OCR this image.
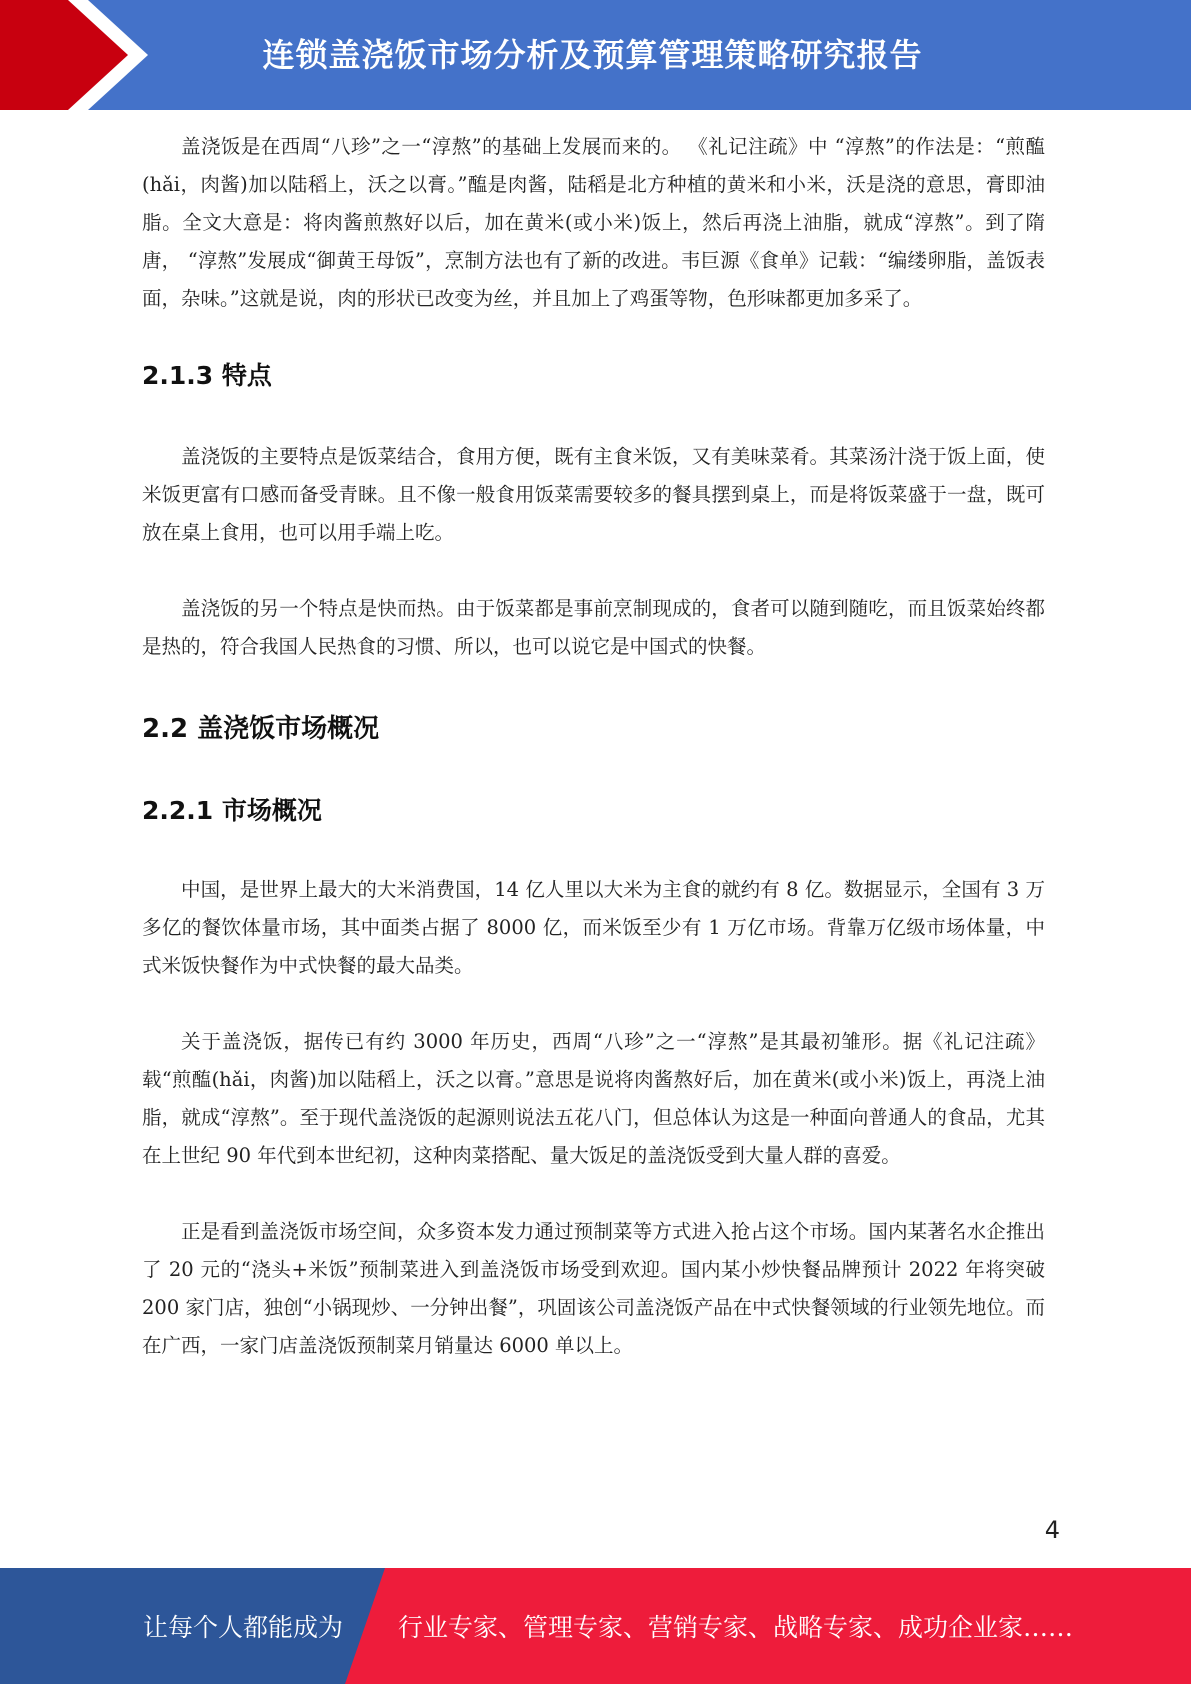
连锁盖浇饭市场分析及预算管理策略研究报告

盖浇饭是在西周“八珍”之一“淳熬”的基础上发展而来的。 《礼记注疏》中 “淳熬”的作法是：“煎醢(hǎi，肉酱)加以陆稻上，沃之以膏。”醢是肉酱，陆稻是北方种植的黄米和小米，沃是浇的意思，膏即油脂。全文大意是：将肉酱煎熬好以后，加在黄米(或小米)饭上，然后再浇上油脂，就成“淳熬”。到了隋唐， “淳熬”发展成“御黄王母饭”，烹制方法也有了新的改进。韦巨源《食单》记载：“编缕卵脂，盖饭表面，杂味。”这就是说，肉的形状已改变为丝，并且加上了鸡蛋等物，色形味都更加多采了。

2.1.3 特点

盖浇饭的主要特点是饭菜结合，食用方便，既有主食米饭，又有美味菜肴。其菜汤汁浇于饭上面，使米饭更富有口感而备受青睐。且不像一般食用饭菜需要较多的餐具摆到桌上，而是将饭菜盛于一盘，既可放在桌上食用，也可以用手端上吃。

盖浇饭的另一个特点是快而热。由于饭菜都是事前烹制现成的，食者可以随到随吃，而且饭菜始终都是热的，符合我国人民热食的习惯、所以，也可以说它是中国式的快餐。

2.2 盖浇饭市场概况
2.2.1 市场概况

中国，是世界上最大的大米消费国，14 亿人里以大米为主食的就约有 8 亿。数据显示，全国有 3 万多亿的餐饮体量市场，其中面类占据了 8000 亿，而米饭至少有 1 万亿市场。背靠万亿级市场体量，中式米饭快餐作为中式快餐的最大品类。

关于盖浇饭，据传已有约 3000 年历史，西周“八珍”之一“淳熬”是其最初雏形。据《礼记注疏》载“煎醢(hǎi，肉酱)加以陆稻上，沃之以膏。”意思是说将肉酱熬好后，加在黄米(或小米)饭上，再浇上油脂，就成“淳熬”。至于现代盖浇饭的起源则说法五花八门，但总体认为这是一种面向普通人的食品，尤其在上世纪 90 年代到本世纪初，这种肉菜搭配、量大饭足的盖浇饭受到大量人群的喜爱。

正是看到盖浇饭市场空间，众多资本发力通过预制菜等方式进入抢占这个市场。国内某著名水企推出了 20 元的“浇头+米饭”预制菜进入到盖浇饭市场受到欢迎。国内某小炒快餐品牌预计 2022 年将突破 200 家门店，独创“小锅现炒、一分钟出餐”，巩固该公司盖浇饭产品在中式快餐领域的行业领先地位。而在广西，一家门店盖浇饭预制菜月销量达 6000 单以上。

4
让每个人都能成为 行业专家、管理专家、营销专家、战略专家、成功企业家……
